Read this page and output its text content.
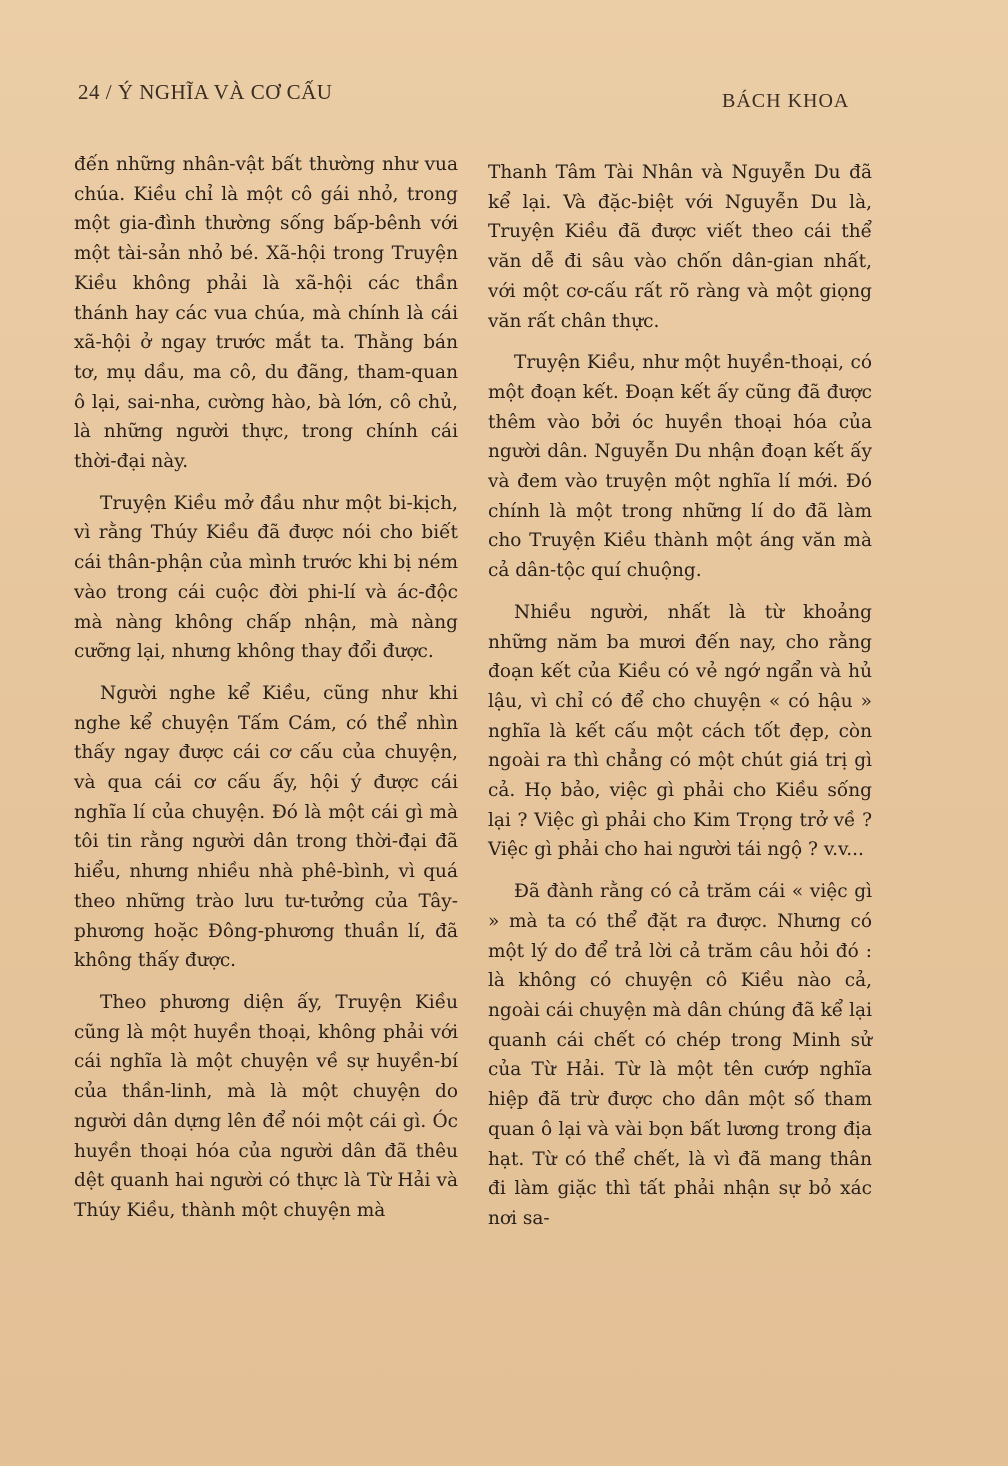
24 / Ý NGHĨA VÀ CƠ CẤU	BÁCH KHOA

đến những nhân-vật bất thường như vua chúa. Kiều chỉ là một cô gái nhỏ, trong một gia-đình thường sống bấp-bênh với một tài-sản nhỏ bé. Xã-hội trong Truyện Kiều không phải là xã-hội các thần thánh hay các vua chúa, mà chính là cái xã-hội ở ngay trước mắt ta. Thằng bán tơ, mụ dầu, ma cô, du đãng, tham-quan ô lại, sai-nha, cường hào, bà lớn, cô chủ, là những người thực, trong chính cái thời-đại này.

Truyện Kiều mở đầu như một bi-kịch, vì rằng Thúy Kiều đã được nói cho biết cái thân-phận của mình trước khi bị ném vào trong cái cuộc đời phi-lí và ác-độc mà nàng không chấp nhận, mà nàng cưỡng lại, nhưng không thay đổi được.

Người nghe kể Kiều, cũng như khi nghe kể chuyện Tấm Cám, có thể nhìn thấy ngay được cái cơ cấu của chuyện, và qua cái cơ cấu ấy, hội ý được cái nghĩa lí của chuyện. Đó là một cái gì mà tôi tin rằng người dân trong thời-đại đã hiểu, nhưng nhiều nhà phê-bình, vì quá theo những trào lưu tư-tưởng của Tây-phương hoặc Đông-phương thuần lí, đã không thấy được.

Theo phương diện ấy, Truyện Kiều cũng là một huyền thoại, không phải với cái nghĩa là một chuyện về sự huyền-bí của thần-linh, mà là một chuyện do người dân dựng lên để nói một cái gì. Óc huyền thoại hóa của người dân đã thêu dệt quanh hai người có thực là Từ Hải và Thúy Kiều, thành một chuyện mà

Thanh Tâm Tài Nhân và Nguyễn Du đã kể lại. Và đặc-biệt với Nguyễn Du là, Truyện Kiều đã được viết theo cái thể văn dễ đi sâu vào chốn dân-gian nhất, với một cơ-cấu rất rõ ràng và một giọng văn rất chân thực.

Truyện Kiều, như một huyền-thoại, có một đoạn kết. Đoạn kết ấy cũng đã được thêm vào bởi óc huyền thoại hóa của người dân. Nguyễn Du nhận đoạn kết ấy và đem vào truyện một nghĩa lí mới. Đó chính là một trong những lí do đã làm cho Truyện Kiều thành một áng văn mà cả dân-tộc quí chuộng.

Nhiều người, nhất là từ khoảng những năm ba mươi đến nay, cho rằng đoạn kết của Kiều có vẻ ngớ ngẩn và hủ lậu, vì chỉ có để cho chuyện « có hậu » nghĩa là kết cấu một cách tốt đẹp, còn ngoài ra thì chẳng có một chút giá trị gì cả. Họ bảo, việc gì phải cho Kiều sống lại ? Việc gì phải cho Kim Trọng trở về ? Việc gì phải cho hai người tái ngộ ? v.v...

Đã đành rằng có cả trăm cái « việc gì » mà ta có thể đặt ra được. Nhưng có một lý do để trả lời cả trăm câu hỏi đó : là không có chuyện cô Kiều nào cả, ngoài cái chuyện mà dân chúng đã kể lại quanh cái chết có chép trong Minh sử của Từ Hải. Từ là một tên cướp nghĩa hiệp đã trừ được cho dân một số tham quan ô lại và vài bọn bất lương trong địa hạt. Từ có thể chết, là vì đã mang thân đi làm giặc thì tất phải nhận sự bỏ xác nơi sa-
